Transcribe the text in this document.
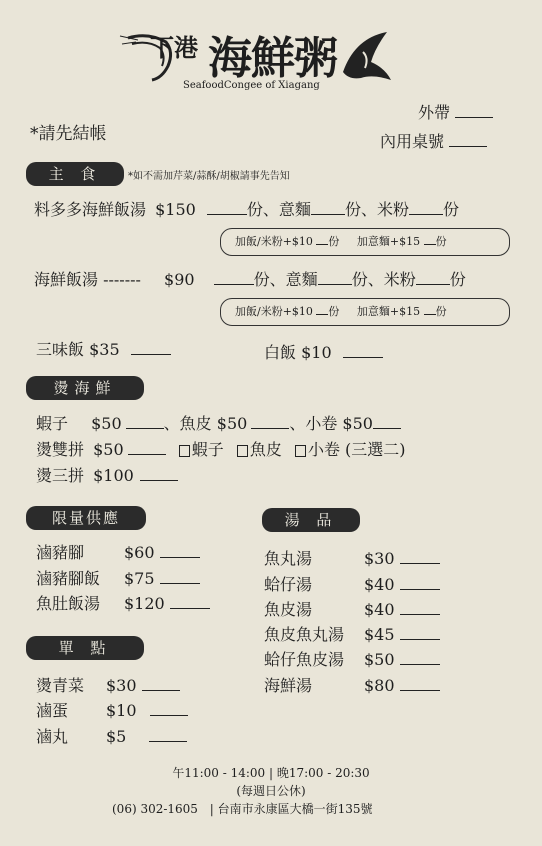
下港 海鮮粥
SeafoodCongee of Xiagang
*請先結帳
外帶
內用桌號
主 食	*如不需加芹菜/蒜酥/胡椒請事先告知
料多多海鮮飯湯 $150	份、意麵 份、米粉 份
加飯/米粉+$10 份 加意麵+$15 份
海鮮飯湯 ------- $90	份、意麵 份、米粉 份
加飯/米粉+$10 份 加意麵+$15 份
三味飯 $35	白飯 $10
燙海鮮
蝦子 $50	、魚皮 $50	、小卷 $50
燙雙拼 $50	蝦子 魚皮 小卷 (三選二)
燙三拼 $100
限量供應
滷豬腳 $60
滷豬腳飯 $75
魚肚飯湯 $120
單 點
燙青菜 $30
滷蛋 $10
滷丸 $5
湯 品
魚丸湯	$30
蛤仔湯	$40
魚皮湯	$40
魚皮魚丸湯 $45
蛤仔魚皮湯 $50
海鮮湯	$80
午11:00 - 14:00 | 晚17:00 - 20:30
(每週日公休)
(06) 302-1605 | 台南市永康區大橋一街135號
